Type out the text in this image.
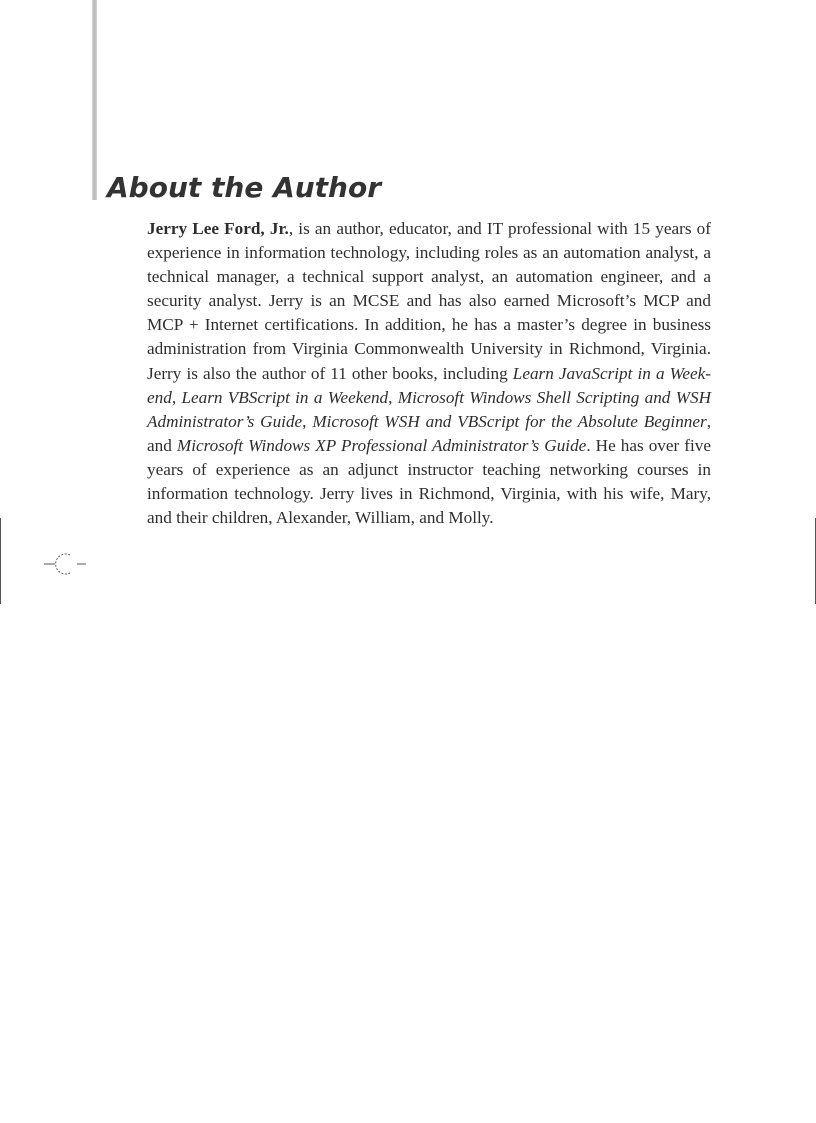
About the Author

Jerry Lee Ford, Jr., is an author, educator, and IT professional with 15 years of experience in information technology, including roles as an automation analyst, a technical manager, a technical support analyst, an automation engineer, and a security analyst. Jerry is an MCSE and has also earned Microsoft’s MCP and MCP + Internet certifications. In addition, he has a master’s degree in business administration from Virginia Commonwealth University in Richmond, Virginia. Jerry is also the author of 11 other books, including Learn JavaScript in a Weekend, Learn VBScript in a Weekend, Microsoft Windows Shell Scripting and WSH Administrator’s Guide, Microsoft WSH and VBScript for the Absolute Beginner, and Microsoft Windows XP Professional Administrator’s Guide. He has over five years of experience as an adjunct instructor teaching networking courses in information technology. Jerry lives in Richmond, Virginia, with his wife, Mary, and their children, Alexander, William, and Molly.
